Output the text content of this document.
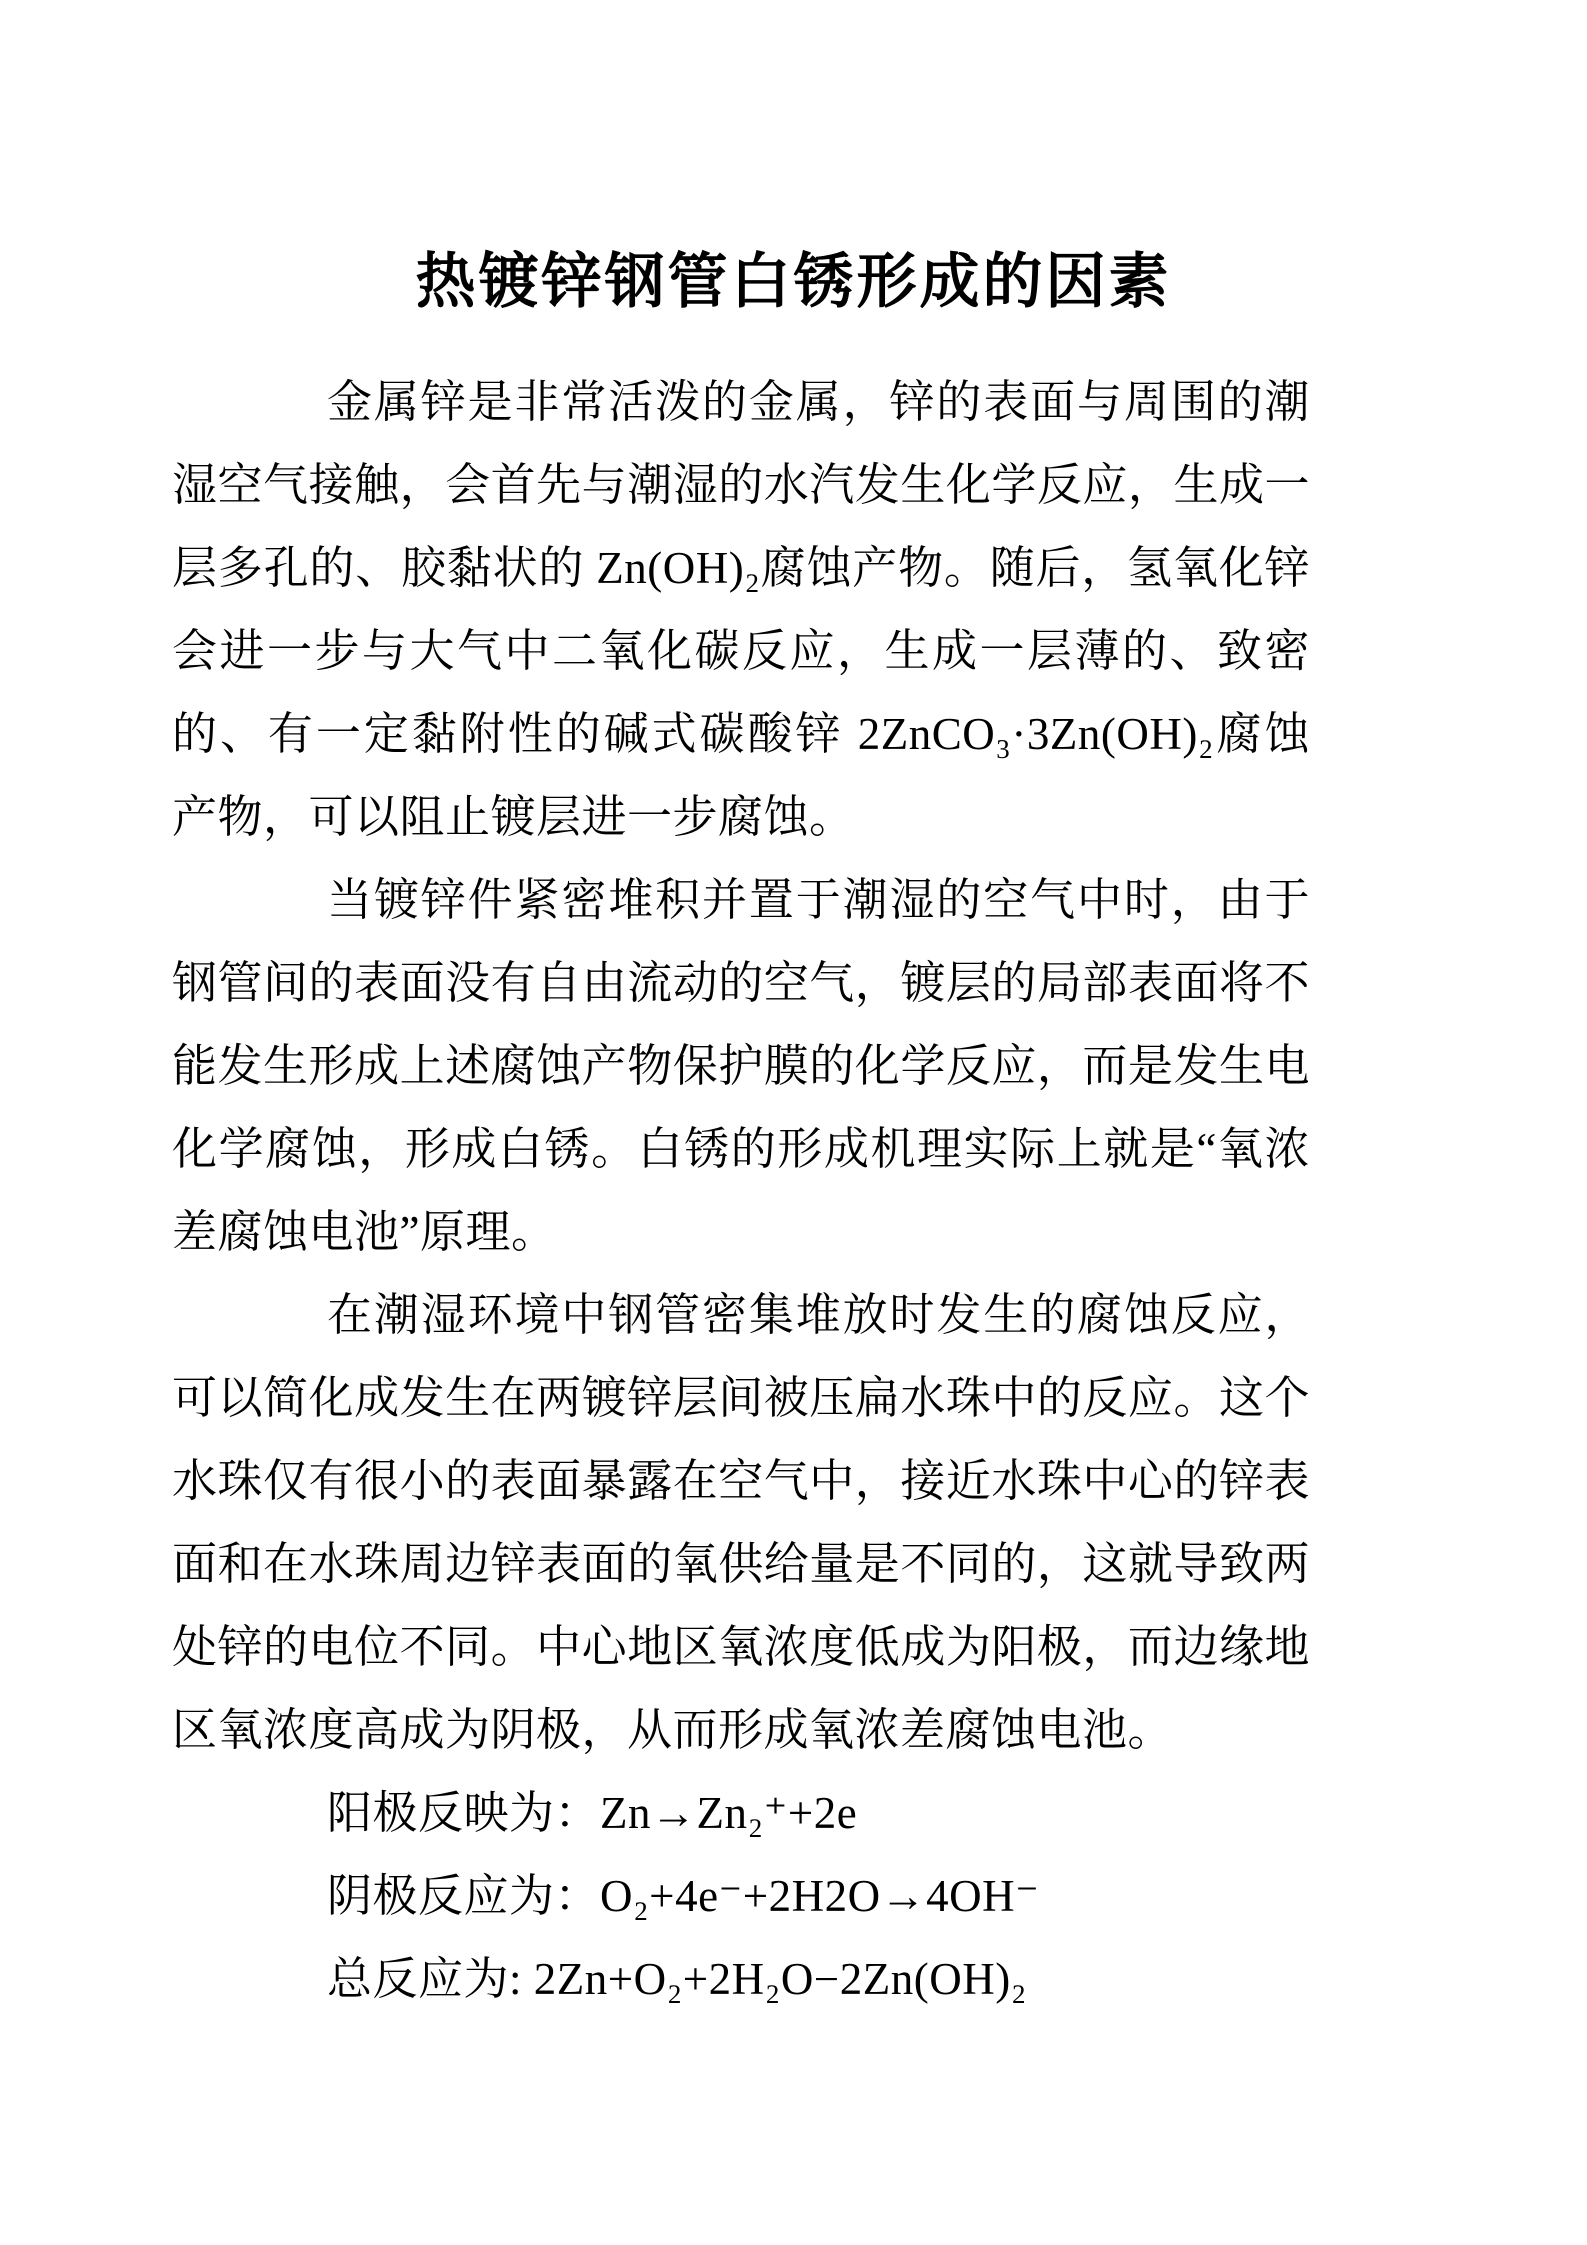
热镀锌钢管白锈形成的因素

金属锌是非常活泼的金属，锌的表面与周围的潮湿空气接触，会首先与潮湿的水汽发生化学反应，生成一层多孔的、胶黏状的 Zn(OH)₂腐蚀产物。随后，氢氧化锌会进一步与大气中二氧化碳反应，生成一层薄的、致密的、有一定黏附性的碱式碳酸锌 2ZnCO₃·3Zn(OH)₂腐蚀产物，可以阻止镀层进一步腐蚀。

当镀锌件紧密堆积并置于潮湿的空气中时，由于钢管间的表面没有自由流动的空气，镀层的局部表面将不能发生形成上述腐蚀产物保护膜的化学反应，而是发生电化学腐蚀，形成白锈。白锈的形成机理实际上就是“氧浓差腐蚀电池”原理。

在潮湿环境中钢管密集堆放时发生的腐蚀反应，可以简化成发生在两镀锌层间被压扁水珠中的反应。这个水珠仅有很小的表面暴露在空气中，接近水珠中心的锌表面和在水珠周边锌表面的氧供给量是不同的，这就导致两处锌的电位不同。中心地区氧浓度低成为阳极，而边缘地区氧浓度高成为阴极，从而形成氧浓差腐蚀电池。

阳极反映为：Zn→Zn₂⁺+2e

阴极反应为：O₂+4e⁻+2H2O→4OH⁻

总反应为: 2Zn+O₂+2H₂O−2Zn(OH)₂
